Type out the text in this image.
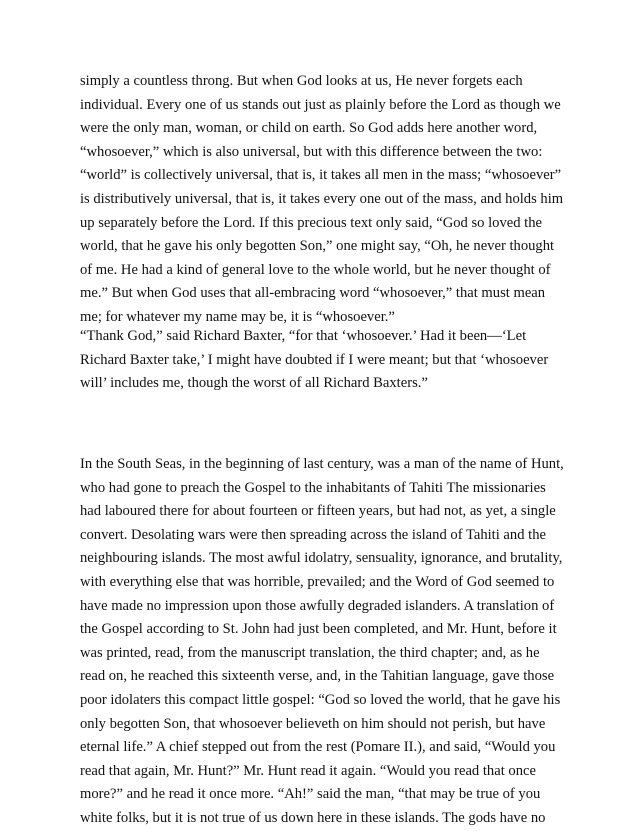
simply a countless throng. But when God looks at us, He never forgets each
individual. Every one of us stands out just as plainly before the Lord as though we
were the only man, woman, or child on earth. So God adds here another word,
“whosoever,” which is also universal, but with this difference between the two:
“world” is collectively universal, that is, it takes all men in the mass; “whosoever”
is distributively universal, that is, it takes every one out of the mass, and holds him
up separately before the Lord. If this precious text only said, “God so loved the
world, that he gave his only begotten Son,” one might say, “Oh, he never thought
of me. He had a kind of general love to the whole world, but he never thought of
me.” But when God uses that all-embracing word “whosoever,” that must mean
me; for whatever my name may be, it is “whosoever.”
“Thank God,” said Richard Baxter, “for that ‘whosoever.’ Had it been—‘Let
Richard Baxter take,’ I might have doubted if I were meant; but that ‘whosoever
will’ includes me, though the worst of all Richard Baxters.”
In the South Seas, in the beginning of last century, was a man of the name of Hunt,
who had gone to preach the Gospel to the inhabitants of Tahiti The missionaries
had laboured there for about fourteen or fifteen years, but had not, as yet, a single
convert. Desolating wars were then spreading across the island of Tahiti and the
neighbouring islands. The most awful idolatry, sensuality, ignorance, and brutality,
with everything else that was horrible, prevailed; and the Word of God seemed to
have made no impression upon those awfully degraded islanders. A translation of
the Gospel according to St. John had just been completed, and Mr. Hunt, before it
was printed, read, from the manuscript translation, the third chapter; and, as he
read on, he reached this sixteenth verse, and, in the Tahitian language, gave those
poor idolaters this compact little gospel: “God so loved the world, that he gave his
only begotten Son, that whosoever believeth on him should not perish, but have
eternal life.” A chief stepped out from the rest (Pomare II.), and said, “Would you
read that again, Mr. Hunt?” Mr. Hunt read it again. “Would you read that once
more?” and he read it once more. “Ah!” said the man, “that may be true of you
white folks, but it is not true of us down here in these islands. The gods have no
